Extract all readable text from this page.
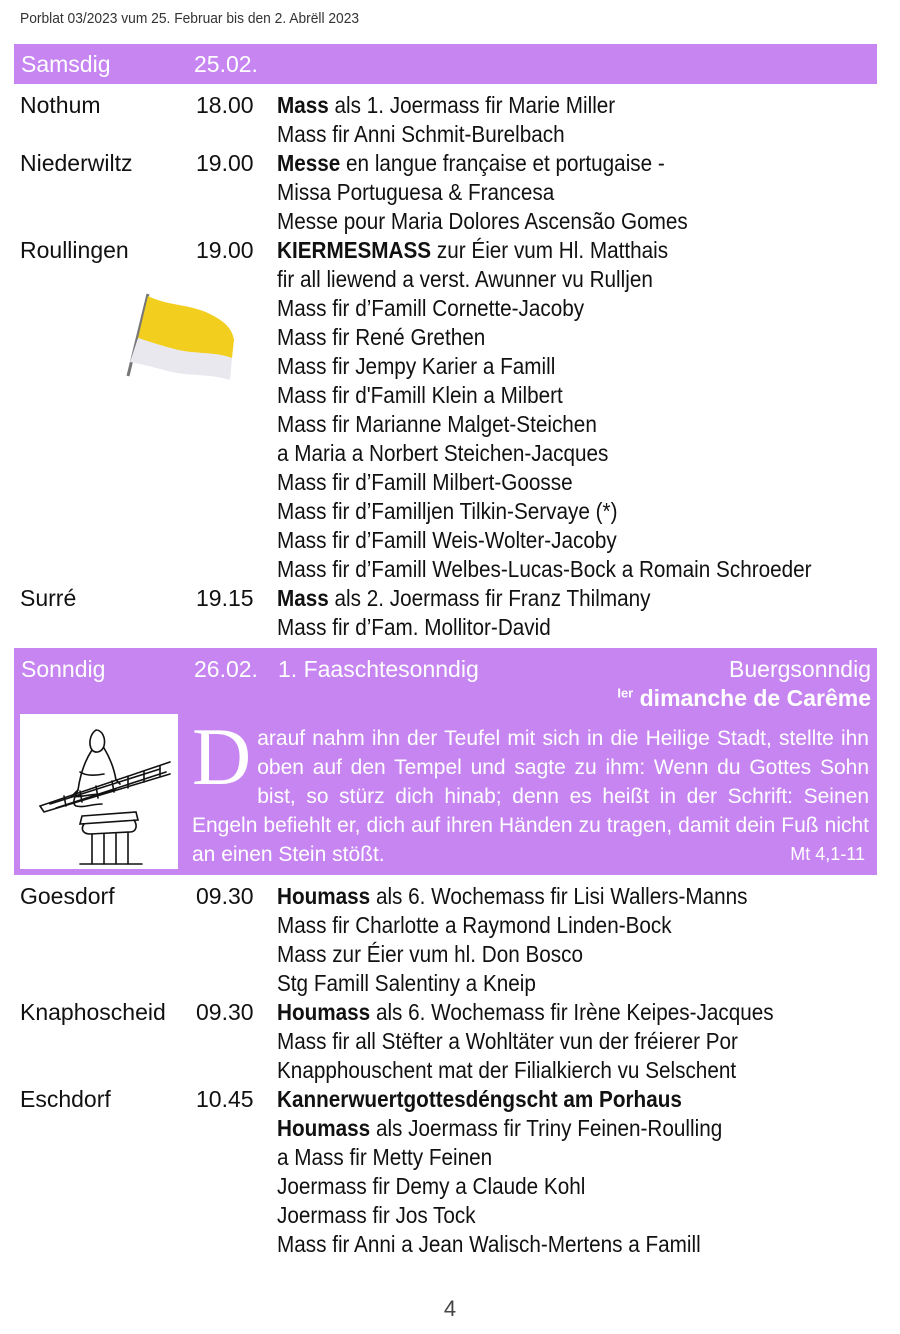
Porblat 03/2023 vum 25. Februar bis den 2. Abrëll 2023
Samsdig	25.02.
Nothum	18.00 Mass als 1. Joermass fir Marie Miller
Mass fir Anni Schmit-Burelbach
Niederwiltz	19.00 Messe en langue française et portugaise -
Missa Portuguesa & Francesa
Messe pour Maria Dolores Ascensão Gomes
Roullingen	19.00 KIERMESMASS zur Éier vum Hl. Matthais
fir all liewend a verst. Awunner vu Rulljen
Mass fir d’Famill Cornette-Jacoby
Mass fir René Grethen
Mass fir Jempy Karier a Famill
Mass fir d'Famill Klein a Milbert
Mass fir Marianne Malget-Steichen
a Maria a Norbert Steichen-Jacques
Mass fir d’Famill Milbert-Goosse
Mass fir d’Familljen Tilkin-Servaye (*)
Mass fir d’Famill Weis-Wolter-Jacoby
Mass fir d’Famill Welbes-Lucas-Bock a Romain Schroeder
Surré	19.15 Mass als 2. Joermass fir Franz Thilmany
Mass fir d’Fam. Mollitor-David
Sonndig	26.02. 1. Faaschtesonndig	Buergsonndig
$^{Ier}$ dimanche de Carême
Darauf nahm ihn der Teufel mit sich in die Heilige Stadt, stellte ihn oben auf den Tempel und sagte zu ihm: Wenn du Gottes Sohn bist, so stürz dich hinab; denn es heißt in der Schrift: Seinen Engeln befiehlt er, dich auf ihren Händen zu tragen, damit dein Fuß nicht an einen Stein stößt.	Mt 4,1-11
Goesdorf	09.30 Houmass als 6. Wochemass fir Lisi Wallers-Manns
Mass fir Charlotte a Raymond Linden-Bock
Mass zur Éier vum hl. Don Bosco
Stg Famill Salentiny a Kneip
Knaphoscheid 09.30 Houmass als 6. Wochemass fir Irène Keipes-Jacques
Mass fir all Stëfter a Wohltäter vun der fréierer Por
Knapphouschent mat der Filialkierch vu Selschent
Eschdorf	10.45 Kannerwuertgottesdéngscht am Porhaus
Houmass als Joermass fir Triny Feinen-Roulling
a Mass fir Metty Feinen
Joermass fir Demy a Claude Kohl
Joermass fir Jos Tock
Mass fir Anni a Jean Walisch-Mertens a Famill
4
